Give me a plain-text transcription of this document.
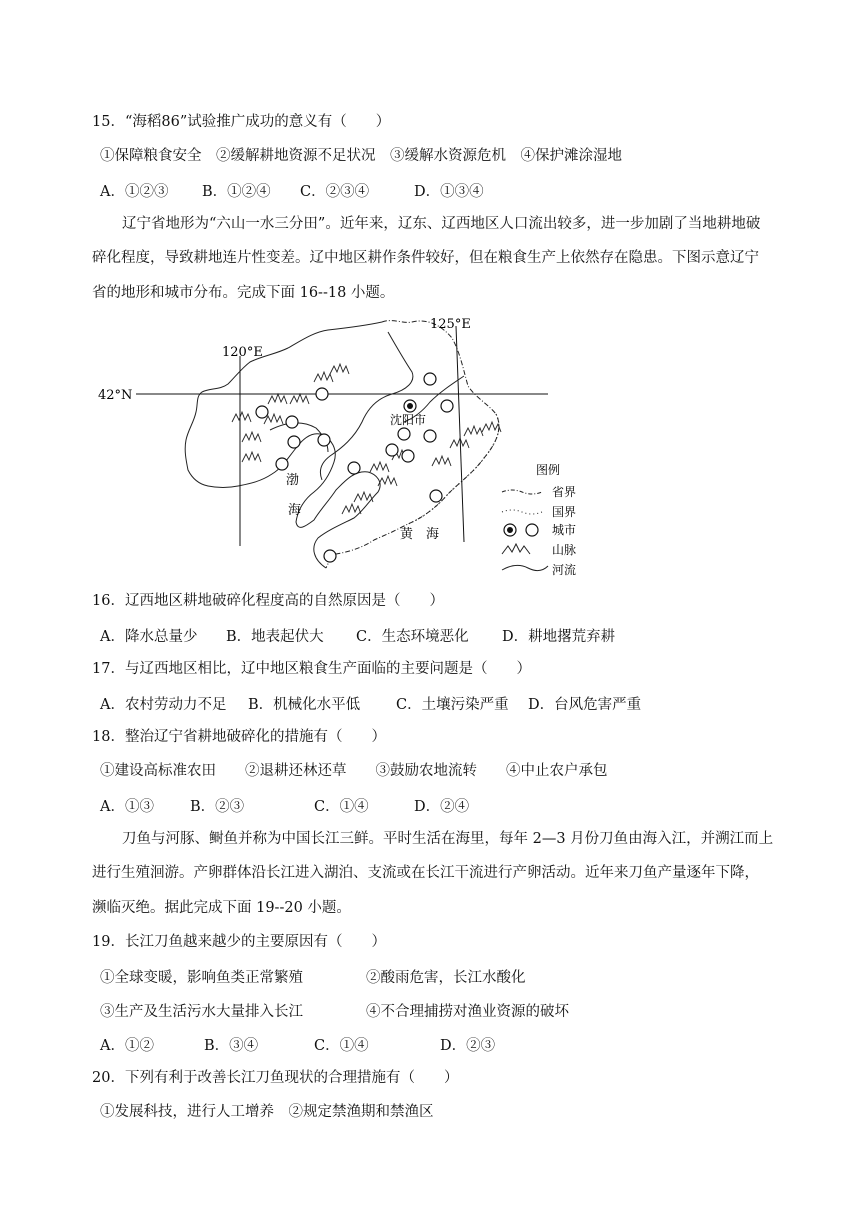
15．“海稻86”试验推广成功的意义有（　　）
①保障粮食安全　②缓解耕地资源不足状况　③缓解水资源危机　④保护滩涂湿地
A．①②③ B．①②④ C．②③④	D．①③④
辽宁省地形为“六山一水三分田”。近年来，辽东、辽西地区人口流出较多，进一步加剧了当地耕地破
碎化程度，导致耕地连片性变差。辽中地区耕作条件较好，但在粮食生产上依然存在隐患。下图示意辽宁
省的地形和城市分布。完成下面 16--18 小题。
120°E
125°E
42°N
沈阳市
渤
海
黄　海
图例
省界
国界
城市
山脉
河流
16．辽西地区耕地破碎化程度高的自然原因是（　　）
A．降水总量少 B．地表起伏大 C．生态环境恶化 D．耕地撂荒弃耕
17．与辽西地区相比，辽中地区粮食生产面临的主要问题是（　　）
A．农村劳动力不足 B．机械化水平低 C．土壤污染严重 D．台风危害严重
18．整治辽宁省耕地破碎化的措施有（　　）
①建设高标准农田　　②退耕还林还草　　③鼓励农地流转　　④中止农户承包
A．①③ B．②③	C．①④	D．②④
刀鱼与河豚、鲥鱼并称为中国长江三鲜。平时生活在海里，每年 2—3 月份刀鱼由海入江，并溯江而上
进行生殖洄游。产卵群体沿长江进入湖泊、支流或在长江干流进行产卵活动。近年来刀鱼产量逐年下降，
濒临灭绝。据此完成下面 19--20 小题。
19．长江刀鱼越来越少的主要原因有（　　）
①全球变暖，影响鱼类正常繁殖	②酸雨危害，长江水酸化
③生产及生活污水大量排入长江	④不合理捕捞对渔业资源的破坏
A．①②	B．③④	C．①④	D．②③
20．下列有利于改善长江刀鱼现状的合理措施有（　　）
①发展科技，进行人工增养　②规定禁渔期和禁渔区
